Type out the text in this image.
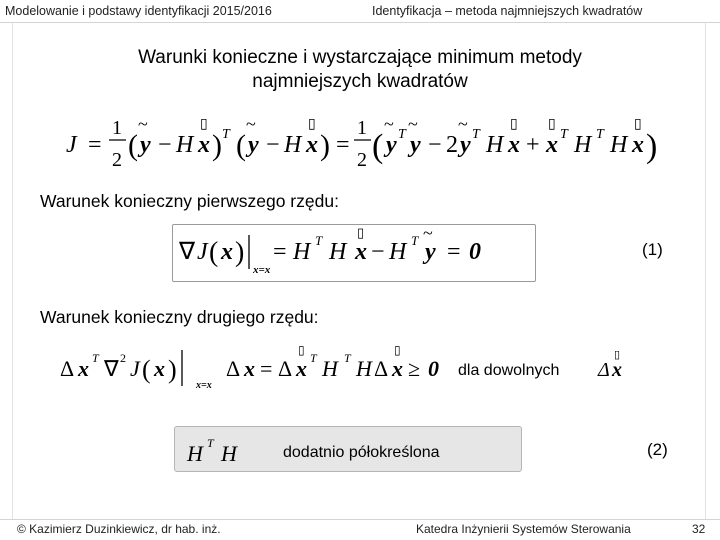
Modelowanie i podstawy identyfikacji 2015/2016	Identyfikacja – metoda najmniejszych kwadratów
Warunki konieczne i wystarczające minimum metody
najmniejszych kwadratów
J =
1
2 ( y
~
− H x
▯
) T ( y
~
− H x
▯
) =
1
2 ( y
~
T y
~
− 2 y
~
T H x
▯
+ x
▯
T H T H x
▯
)
Warunek konieczny pierwszego rzędu:
∇ J ( x )
x=x
= H T H x
▯
− H T y
~
= 0	(1)
Warunek konieczny drugiego rzędu:
Δ x T ∇ 2 J ( x )
x=x
Δ x = Δ x
▯
T H T H Δ x
▯
≥ 0 dla dowolnych Δ x
▯
H T H	dodatnio półokreślona	(2)
© Kazimierz Duzinkiewicz, dr hab. inż.	Katedra Inżynierii Systemów Sterowania	32
